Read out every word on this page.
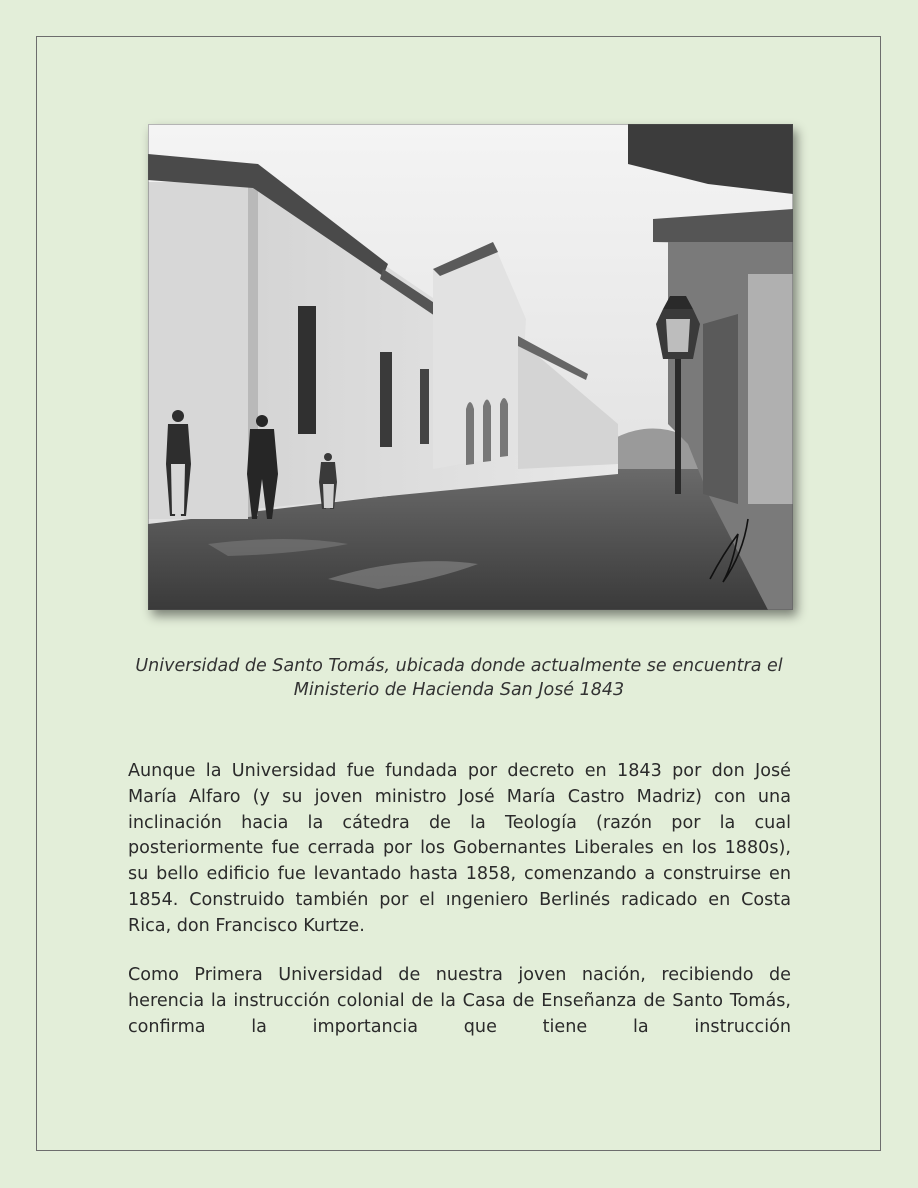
Universidad de Santo Tomás, ubicada donde actualmente se encuentra el Ministerio de Hacienda San José 1843

Aunque la Universidad fue fundada por decreto en 1843 por don José María Alfaro (y su joven ministro José María Castro Madriz) con una inclinación hacia la cátedra de la Teología (razón por la cual posteriormente fue cerrada por los Gobernantes Liberales en los 1880s), su bello edificio fue levantado hasta 1858, comenzando a construirse en 1854. Construido también por el ıngeniero Berlinés radicado en Costa Rica, don Francisco Kurtze.

Como Primera Universidad de nuestra joven nación, recibiendo de herencia la instrucción colonial de la Casa de Enseñanza de Santo Tomás, confirma la importancia que tiene la instrucción
